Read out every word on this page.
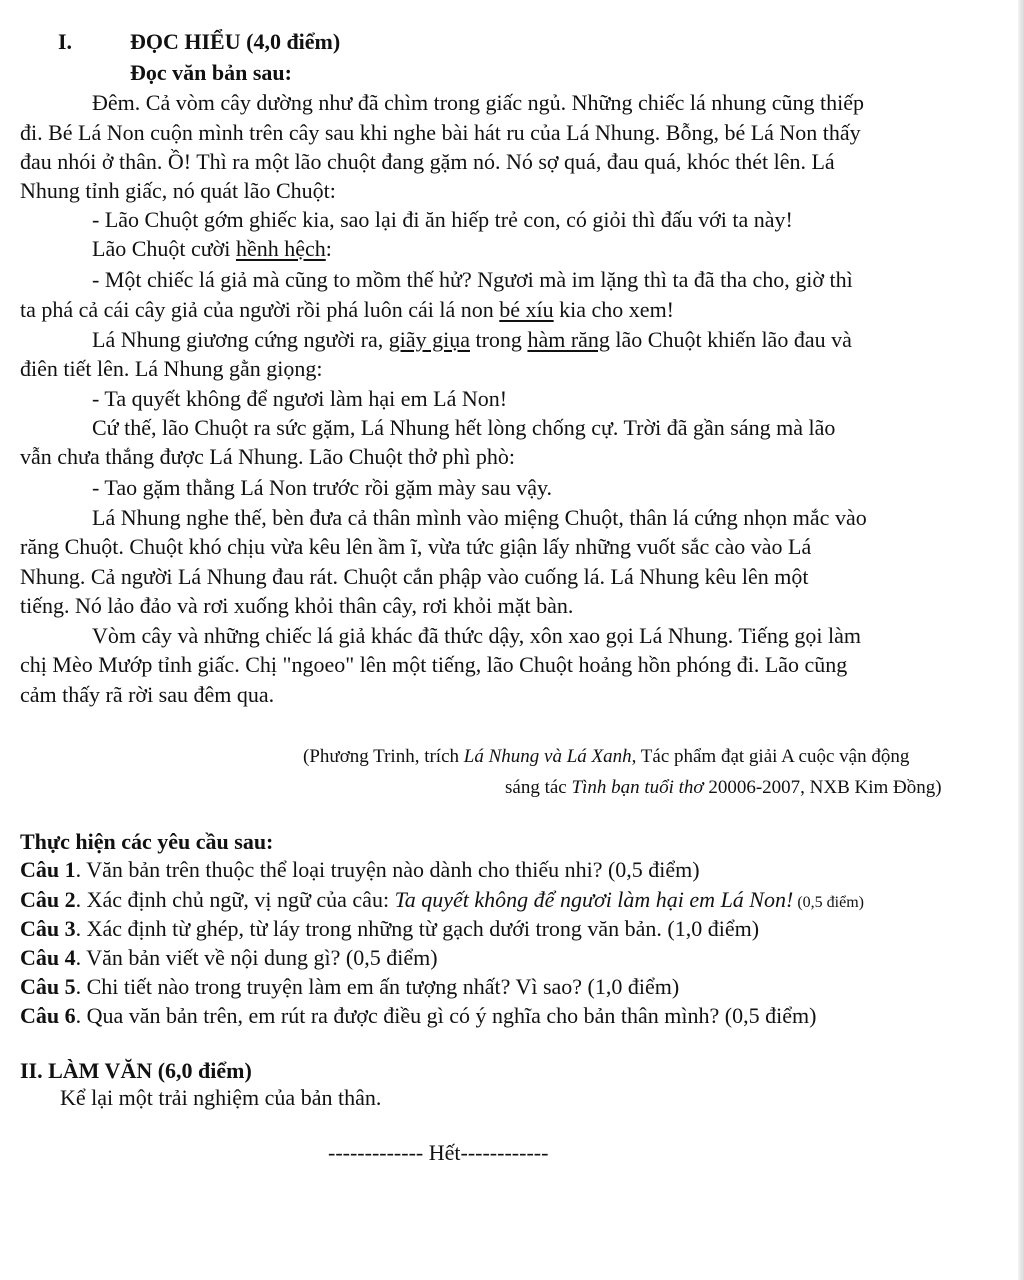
I.	ĐỌC HIỂU (4,0 điểm)
Đọc văn bản sau:
Đêm. Cả vòm cây dường như đã chìm trong giấc ngủ. Những chiếc lá nhung cũng thiếp
đi. Bé Lá Non cuộn mình trên cây sau khi nghe bài hát ru của Lá Nhung. Bỗng, bé Lá Non thấy
đau nhói ở thân. Ồ! Thì ra một lão chuột đang gặm nó. Nó sợ quá, đau quá, khóc thét lên. Lá
Nhung tỉnh giấc, nó quát lão Chuột:
- Lão Chuột gớm ghiếc kia, sao lại đi ăn hiếp trẻ con, có giỏi thì đấu với ta này!
Lão Chuột cười hềnh hệch:
- Một chiếc lá giả mà cũng to mồm thế hử? Ngươi mà im lặng thì ta đã tha cho, giờ thì
ta phá cả cái cây giả của người rồi phá luôn cái lá non bé xíu kia cho xem!
Lá Nhung giương cứng người ra, giãy giụa trong hàm răng lão Chuột khiến lão đau và
điên tiết lên. Lá Nhung gằn giọng:
- Ta quyết không để ngươi làm hại em Lá Non!
Cứ thế, lão Chuột ra sức gặm, Lá Nhung hết lòng chống cự. Trời đã gần sáng mà lão
vẫn chưa thắng được Lá Nhung. Lão Chuột thở phì phò:
- Tao gặm thằng Lá Non trước rồi gặm mày sau vậy.
Lá Nhung nghe thế, bèn đưa cả thân mình vào miệng Chuột, thân lá cứng nhọn mắc vào
răng Chuột. Chuột khó chịu vừa kêu lên ầm ĩ, vừa tức giận lấy những vuốt sắc cào vào Lá
Nhung. Cả người Lá Nhung đau rát. Chuột cắn phập vào cuống lá. Lá Nhung kêu lên một
tiếng. Nó lảo đảo và rơi xuống khỏi thân cây, rơi khỏi mặt bàn.
Vòm cây và những chiếc lá giả khác đã thức dậy, xôn xao gọi Lá Nhung. Tiếng gọi làm
chị Mèo Mướp tỉnh giấc. Chị "ngoeo" lên một tiếng, lão Chuột hoảng hồn phóng đi. Lão cũng
cảm thấy rã rời sau đêm qua.
(Phương Trinh, trích Lá Nhung và Lá Xanh, Tác phẩm đạt giải A cuộc vận động
sáng tác Tình bạn tuổi thơ 20006-2007, NXB Kim Đồng)
Thực hiện các yêu cầu sau:
Câu 1. Văn bản trên thuộc thể loại truyện nào dành cho thiếu nhi? (0,5 điểm)
Câu 2. Xác định chủ ngữ, vị ngữ của câu: Ta quyết không để ngươi làm hại em Lá Non! (0,5 điểm)
Câu 3. Xác định từ ghép, từ láy trong những từ gạch dưới trong văn bản. (1,0 điểm)
Câu 4. Văn bản viết về nội dung gì? (0,5 điểm)
Câu 5. Chi tiết nào trong truyện làm em ấn tượng nhất? Vì sao? (1,0 điểm)
Câu 6. Qua văn bản trên, em rút ra được điều gì có ý nghĩa cho bản thân mình? (0,5 điểm)
II. LÀM VĂN (6,0 điểm)
Kể lại một trải nghiệm của bản thân.
------------- Hết------------
